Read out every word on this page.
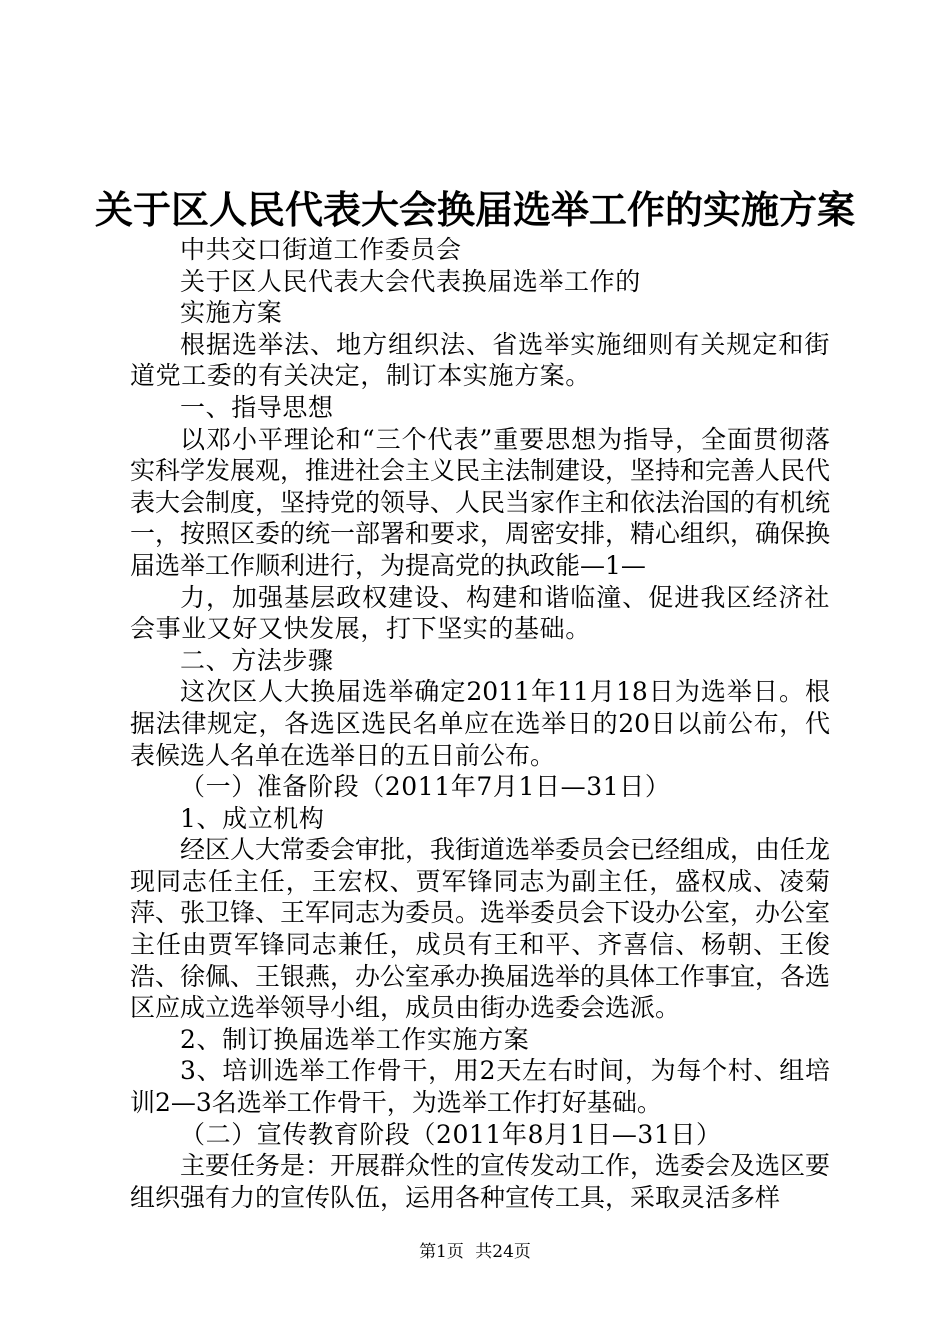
关于区人民代表大会换届选举工作的实施方案

中共交口街道工作委员会

关于区人民代表大会代表换届选举工作的

实施方案

根据选举法、地方组织法、省选举实施细则有关规定和街道党工委的有关决定，制订本实施方案。

一、指导思想

以邓小平理论和“三个代表”重要思想为指导，全面贯彻落实科学发展观，推进社会主义民主法制建设，坚持和完善人民代表大会制度，坚持党的领导、人民当家作主和依法治国的有机统一，按照区委的统一部署和要求，周密安排，精心组织，确保换届选举工作顺利进行，为提高党的执政能—1—

力，加强基层政权建设、构建和谐临潼、促进我区经济社会事业又好又快发展，打下坚实的基础。

二、方法步骤

这次区人大换届选举确定2011年11月18日为选举日。根据法律规定，各选区选民名单应在选举日的20日以前公布，代表候选人名单在选举日的五日前公布。

（一）准备阶段（2011年7月1日—31日）

1、成立机构

经区人大常委会审批，我街道选举委员会已经组成，由任龙现同志任主任，王宏权、贾军锋同志为副主任，盛权成、凌菊萍、张卫锋、王军同志为委员。选举委员会下设办公室，办公室主任由贾军锋同志兼任，成员有王和平、齐喜信、杨朝、王俊浩、徐佩、王银燕，办公室承办换届选举的具体工作事宜，各选区应成立选举领导小组，成员由街办选委会选派。

2、制订换届选举工作实施方案

3、培训选举工作骨干，用2天左右时间，为每个村、组培训2—3名选举工作骨干，为选举工作打好基础。

（二）宣传教育阶段（2011年8月1日—31日）

主要任务是：开展群众性的宣传发动工作，选委会及选区要组织强有力的宣传队伍，运用各种宣传工具，采取灵活多样

第1页 共24页
